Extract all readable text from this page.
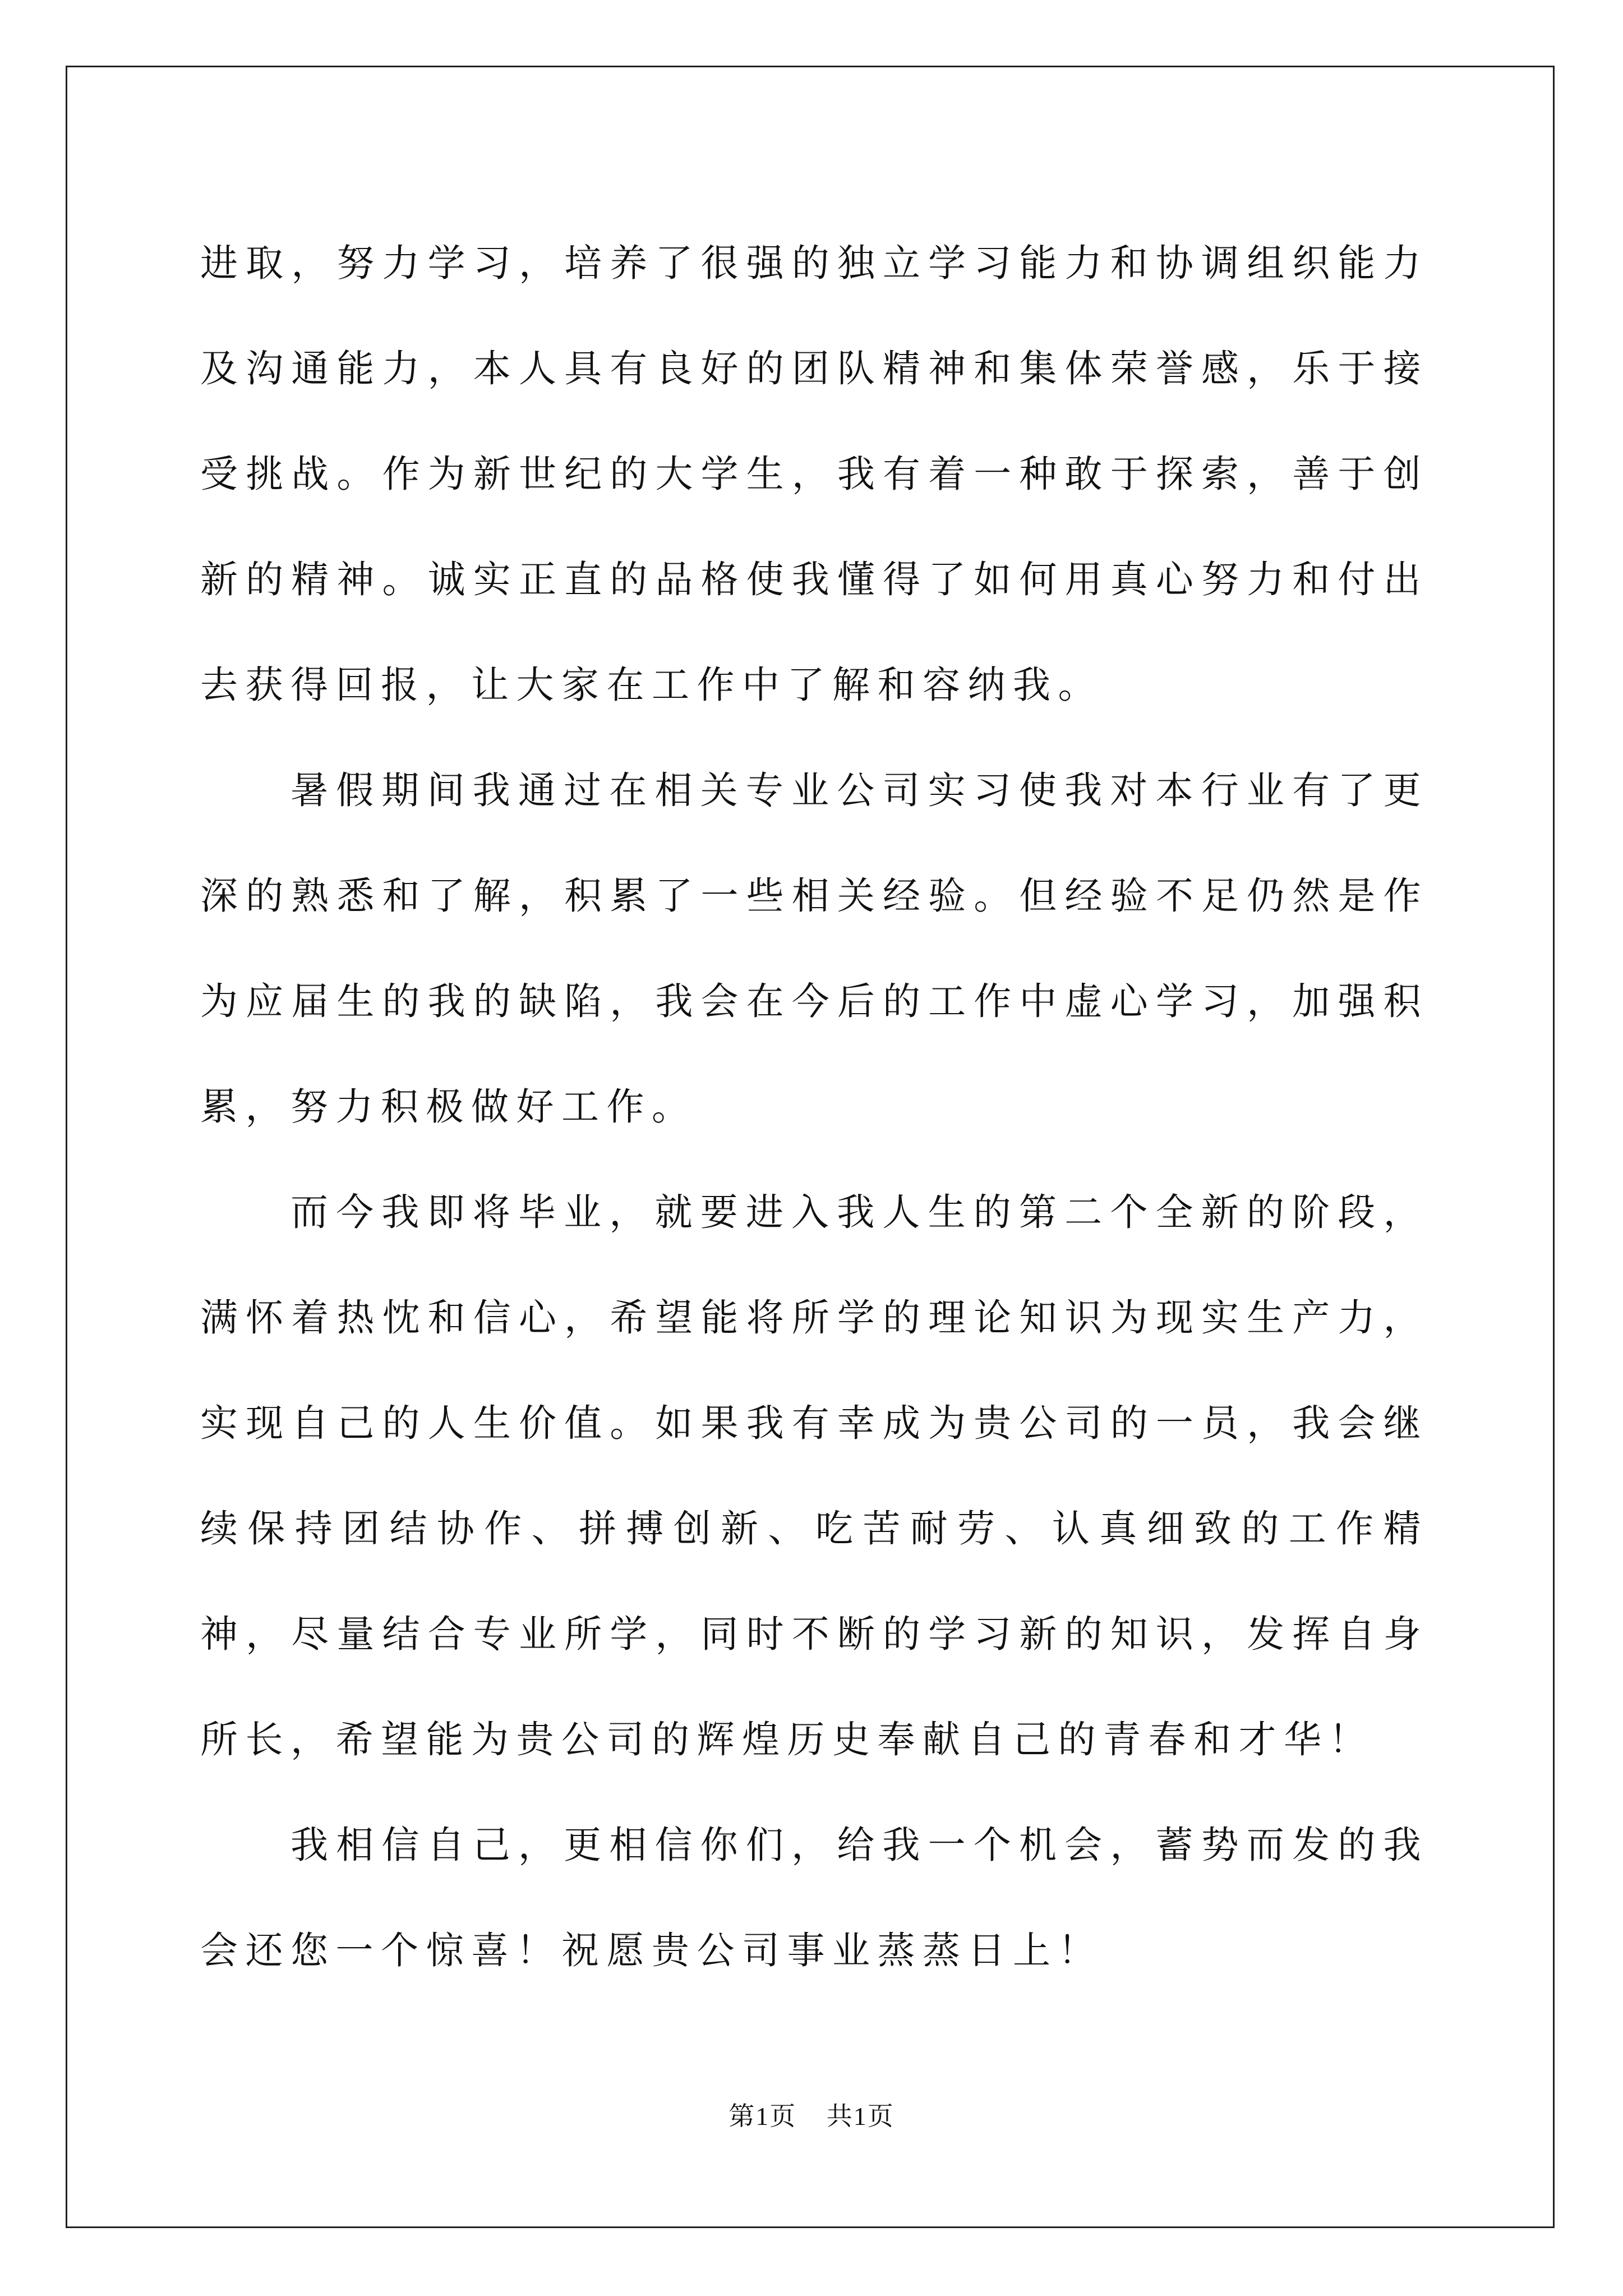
进取，努力学习，培养了很强的独立学习能力和协调组织能力及沟通能力，本人具有良好的团队精神和集体荣誉感，乐于接受挑战。作为新世纪的大学生，我有着一种敢于探索，善于创新的精神。诚实正直的品格使我懂得了如何用真心努力和付出去获得回报，让大家在工作中了解和容纳我。

暑假期间我通过在相关专业公司实习使我对本行业有了更深的熟悉和了解，积累了一些相关经验。但经验不足仍然是作为应届生的我的缺陷，我会在今后的工作中虚心学习，加强积累，努力积极做好工作。

而今我即将毕业，就要进入我人生的第二个全新的阶段，满怀着热忱和信心，希望能将所学的理论知识为现实生产力，实现自己的人生价值。如果我有幸成为贵公司的一员，我会继续保持团结协作、拼搏创新、吃苦耐劳、认真细致的工作精神，尽量结合专业所学，同时不断的学习新的知识，发挥自身所长，希望能为贵公司的辉煌历史奉献自己的青春和才华！

我相信自己，更相信你们，给我一个机会，蓄势而发的我会还您一个惊喜！祝愿贵公司事业蒸蒸日上！

第1页 共1页
